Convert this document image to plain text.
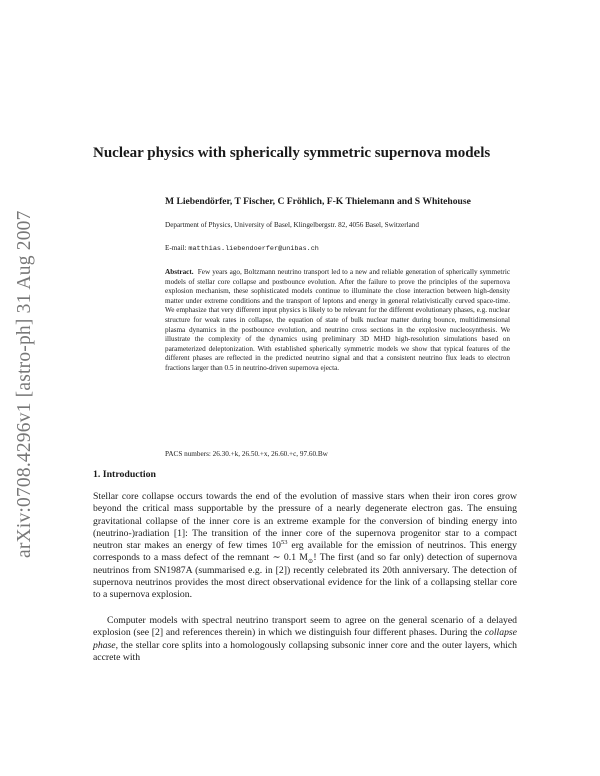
arXiv:0708.4296v1 [astro-ph] 31 Aug 2007
Nuclear physics with spherically symmetric supernova models

M Liebendörfer, T Fischer, C Fröhlich, F-K Thielemann and S Whitehouse

Department of Physics, University of Basel, Klingelbergstr. 82, 4056 Basel, Switzerland

E-mail: matthias.liebendoerfer@unibas.ch

Abstract. Few years ago, Boltzmann neutrino transport led to a new and reliable generation of spherically symmetric models of stellar core collapse and postbounce evolution. After the failure to prove the principles of the supernova explosion mechanism, these sophisticated models continue to illuminate the close interaction between high-density matter under extreme conditions and the transport of leptons and energy in general relativistically curved space-time. We emphasize that very different input physics is likely to be relevant for the different evolutionary phases, e.g. nuclear structure for weak rates in collapse, the equation of state of bulk nuclear matter during bounce, multidimensional plasma dynamics in the postbounce evolution, and neutrino cross sections in the explosive nucleosynthesis. We illustrate the complexity of the dynamics using preliminary 3D MHD high-resolution simulations based on parameterized deleptonization. With established spherically symmetric models we show that typical features of the different phases are reflected in the predicted neutrino signal and that a consistent neutrino flux leads to electron fractions larger than 0.5 in neutrino-driven supernova ejecta.

PACS numbers: 26.30.+k, 26.50.+x, 26.60.+c, 97.60.Bw

1. Introduction

Stellar core collapse occurs towards the end of the evolution of massive stars when their iron cores grow beyond the critical mass supportable by the pressure of a nearly degenerate electron gas. The ensuing gravitational collapse of the inner core is an extreme example for the conversion of binding energy into (neutrino-)radiation [1]: The transition of the inner core of the supernova progenitor star to a compact neutron star makes an energy of few times $10^{53}$ erg available for the emission of neutrinos. This energy corresponds to a mass defect of the remnant ∼ 0.1 $M_⊙$! The first (and so far only) detection of supernova neutrinos from SN1987A (summarised e.g. in [2]) recently celebrated its 20th anniversary. The detection of supernova neutrinos provides the most direct observational evidence for the link of a collapsing stellar core to a supernova explosion.

Computer models with spectral neutrino transport seem to agree on the general scenario of a delayed explosion (see [2] and references therein) in which we distinguish four different phases. During the collapse phase, the stellar core splits into a homologously collapsing subsonic inner core and the outer layers, which accrete with
